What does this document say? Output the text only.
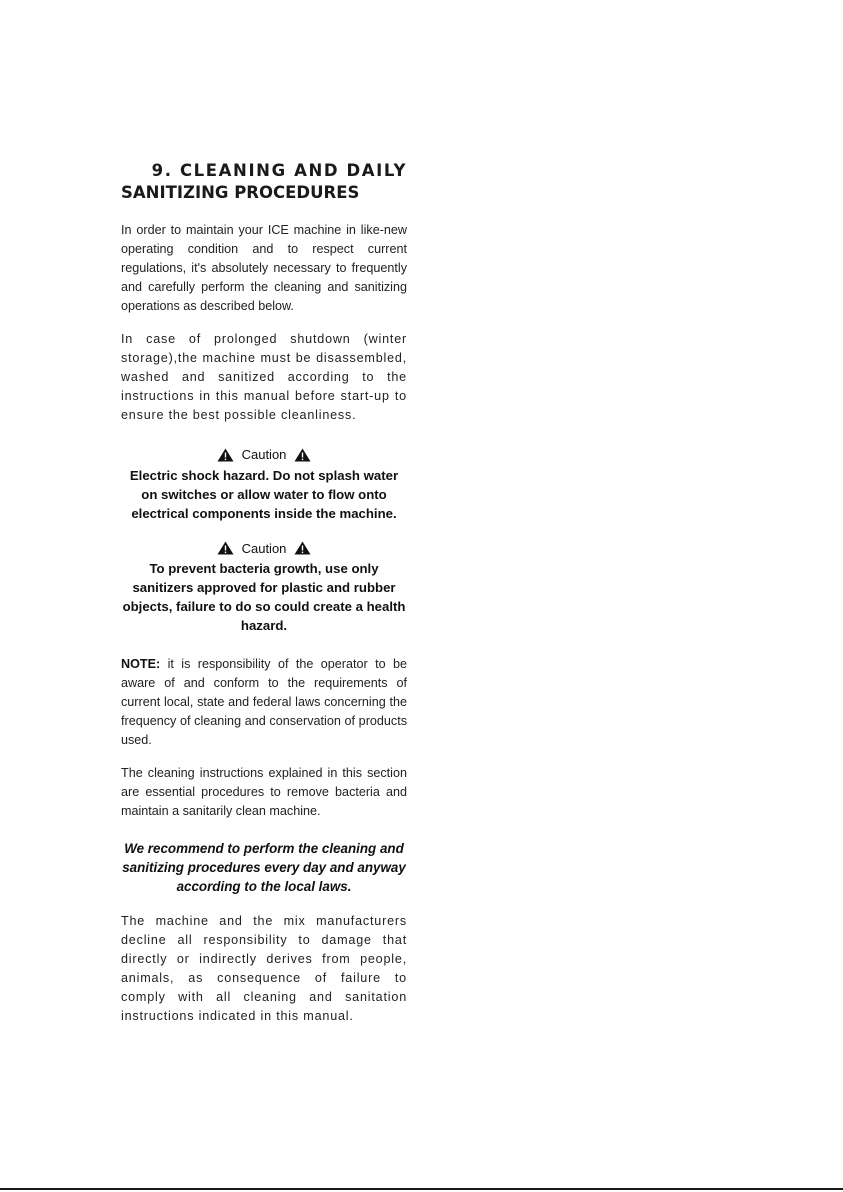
9. CLEANING AND DAILY
SANITIZING PROCEDURES

In order to maintain your ICE machine in like-new operating condition and to respect current regulations, it's absolutely necessary to frequently and carefully perform the cleaning and sanitizing operations as described below.

In case of prolonged shutdown (winter storage),the machine must be disassembled, washed and sanitized according to the instructions in this manual before start-up to ensure the best possible cleanliness.

Caution
Electric shock hazard. Do not splash water on switches or allow water to flow onto electrical components inside the machine.
Caution
To prevent bacteria growth, use only sanitizers approved for plastic and rubber objects, failure to do so could create a health hazard.

NOTE: it is responsibility of the operator to be aware of and conform to the requirements of current local, state and federal laws concerning the frequency of cleaning and conservation of products used.

The cleaning instructions explained in this section are essential procedures to remove bacteria and maintain a sanitarily clean machine.

We recommend to perform the cleaning and sanitizing procedures every day and anyway according to the local laws.

The machine and the mix manufacturers decline all responsibility to damage that directly or indirectly derives from people, animals, as consequence of failure to comply with all cleaning and sanitation instructions indicated in this manual.
